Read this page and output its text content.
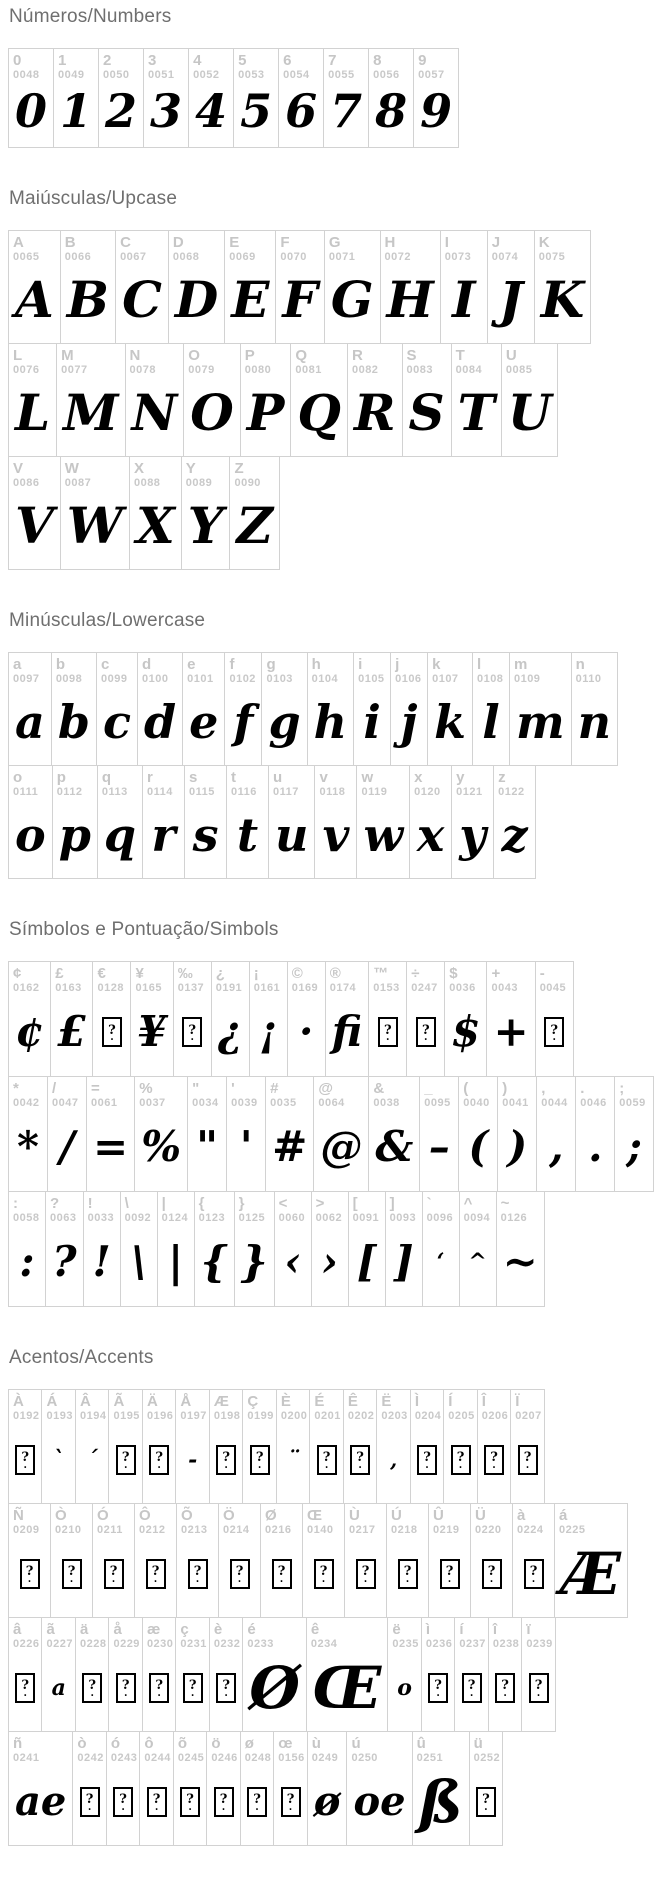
Números/Numbers
0
0048
0
1
0049
1
2
0050
2
3
0051
3
4
0052
4
5
0053
5
6
0054
6
7
0055
7
8
0056
8
9
0057
9
Maiúsculas/Upcase
A
0065
A
B
0066
B
C
0067
C
D
0068
D
E
0069
E
F
0070
F
G
0071
G
H
0072
H
I
0073
I
J
0074
J
K
0075
K
L
0076
L
M
0077
M
N
0078
N
O
0079
O
P
0080
P
Q
0081
Q
R
0082
R
S
0083
S
T
0084
T
U
0085
U
V
0086
V
W
0087
W
X
0088
X
Y
0089
Y
Z
0090
Z
Minúsculas/Lowercase
a
0097
a
b
0098
b
c
0099
c
d
0100
d
e
0101
e
f
0102
f
g
0103
g
h
0104
h
i
0105
i
j
0106
j
k
0107
k
l
0108
l
m
0109
m
n
0110
n
o
0111
o
p
0112
p
q
0113
q
r
0114
r
s
0115
s
t
0116
t
u
0117
u
v
0118
v
w
0119
w
x
0120
x
y
0121
y
z
0122
z
Símbolos e Pontuação/Simbols
¢
0162
¢
£
0163
£
€
0128
? .
¥
0165
¥
‰
0137
? .
¿
0191
¿
¡
0161
¡
©
0169
·
®
0174
fi
™
0153
? .
÷
0247
? .
$
0036
$
+
0043
+
-
0045
? .
*
0042
*
/
0047
/
=
0061
=
%
0037
%
"
0034
"
'
0039
'
#
0035
#
@
0064
@
&
0038
&
_
0095
–
(
0040
(
)
0041
)
,
0044
,
.
0046
.
;
0059
;
:
0058
:
?
0063
?
!
0033
!
\
0092
\
|
0124
|
{
0123
{
}
0125
}
<
0060
‹
>
0062
›
[
0091
[
]
0093
]
`
0096
‘
^
0094
^
~
0126
~
Acentos/Accents
À
0192
? .
Á
0193
`
Â
0194
´
Ã
0195
? .
Ä
0196
? .
Å
0197
-
Æ
0198
? .
Ç
0199
? .
È
0200
¨
É
0201
? .
Ê
0202
? .
Ë
0203
‚
Ì
0204
? .
Í
0205
? .
Î
0206
? .
Ï
0207
? .
Ñ
0209
? .
Ò
0210
? .
Ó
0211
? .
Ô
0212
? .
Õ
0213
? .
Ö
0214
? .
Ø
0216
? .
Œ
0140
? .
Ù
0217
? .
Ú
0218
? .
Û
0219
? .
Ü
0220
? .
à
0224
? .
á
0225
Æ
â
0226
? .
ã
0227
a
ä
0228
? .
å
0229
? .
æ
0230
? .
ç
0231
? .
è
0232
? .
é
0233
Ø
ê
0234
Œ
ë
0235
o
ì
0236
? .
í
0237
? .
î
0238
? .
ï
0239
? .
ñ
0241
ae
ò
0242
? .
ó
0243
? .
ô
0244
? .
õ
0245
? .
ö
0246
? .
ø
0248
? .
œ
0156
? .
ù
0249
ø
ú
0250
oe
û
0251
ß
ü
0252
? .
